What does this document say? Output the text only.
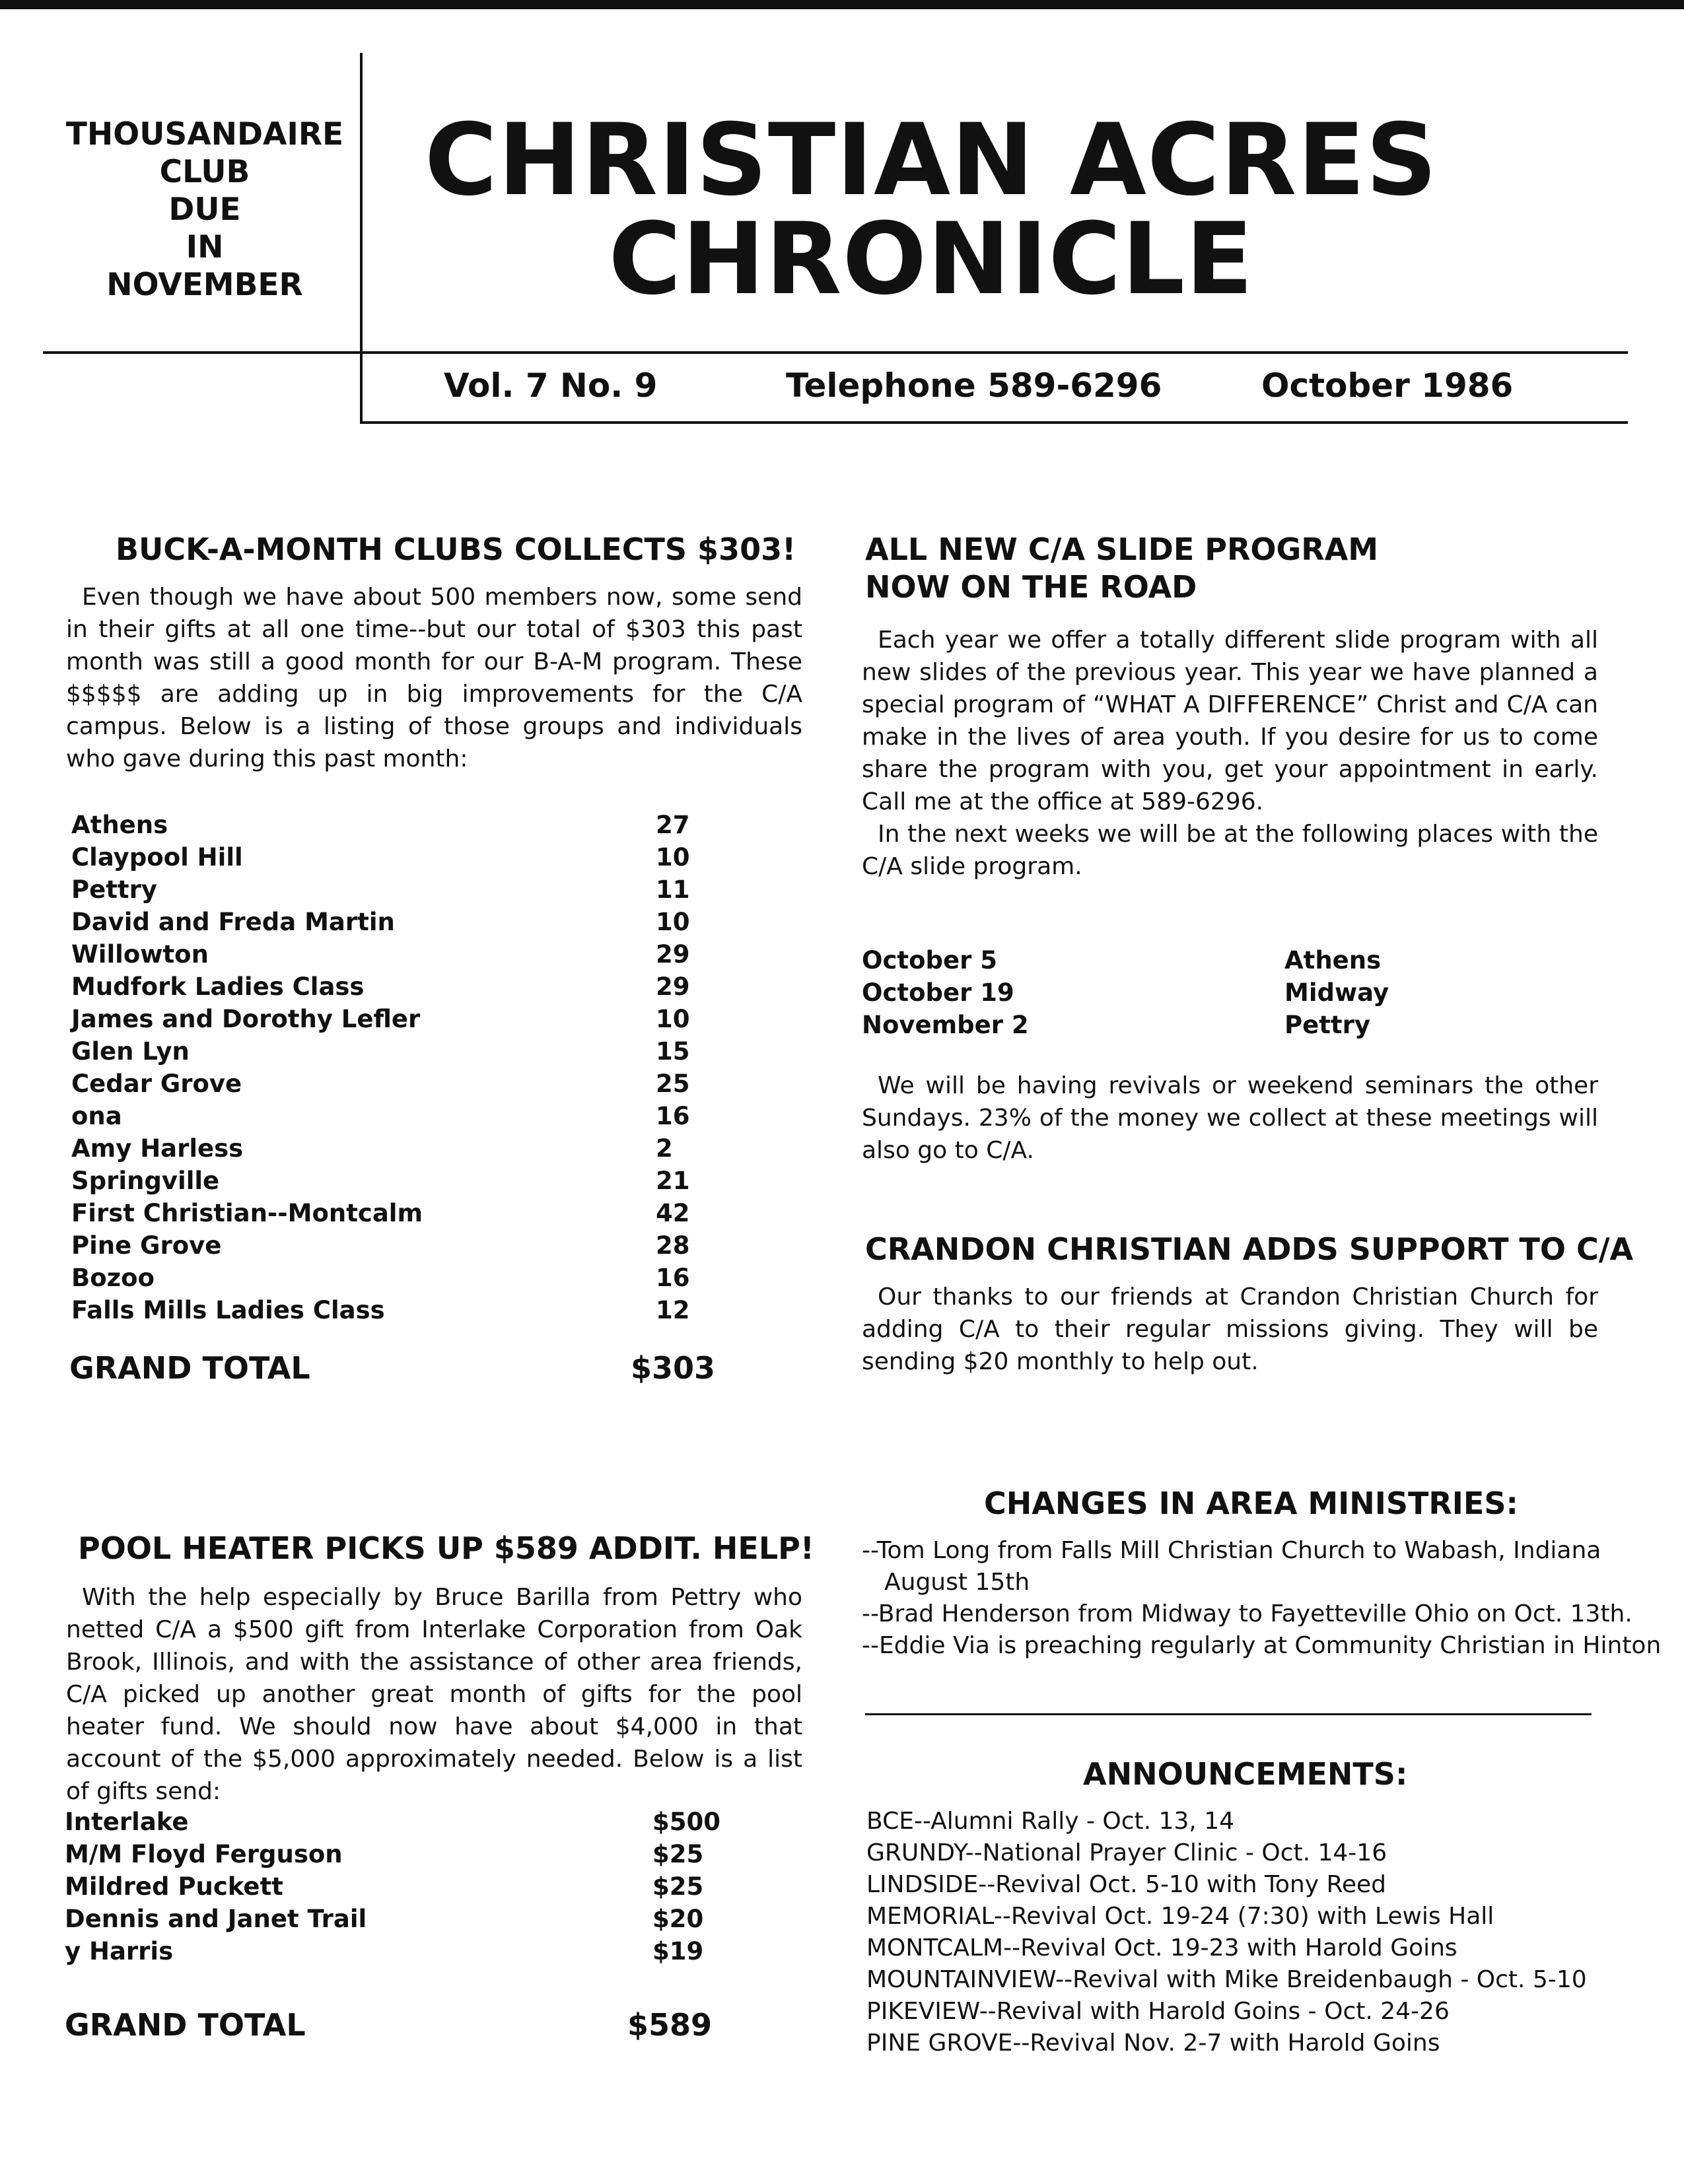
THOUSANDAIRE
CLUB
DUE
IN
NOVEMBER
CHRISTIAN ACRES
CHRONICLE
Vol. 7 No. 9	Telephone 589-6296	October 1986
BUCK-A-MONTH CLUBS COLLECTS $303!

Even though we have about 500 members now, some send in their gifts at all one time--but our total of $303 this past month was still a good month for our B-A-M program. These $$$$$ are adding up in big improvements for the C/A campus. Below is a listing of those groups and individuals who gave during this past month:

Athens	27
Claypool Hill	10
Pettry	11
David and Freda Martin	10
Willowton	29
Mudfork Ladies Class	29
James and Dorothy Lefler	10
Glen Lyn	15
Cedar Grove	25
ona	16
Amy Harless	2
Springville	21
First Christian--Montcalm	42
Pine Grove	28
Bozoo	16
Falls Mills Ladies Class	12
GRAND TOTAL	$303
POOL HEATER PICKS UP $589 ADDIT. HELP!

With the help especially by Bruce Barilla from Pettry who netted C/A a $500 gift from Interlake Corporation from Oak Brook, Illinois, and with the assistance of other area friends, C/A picked up another great month of gifts for the pool heater fund. We should now have about $4,000 in that account of the $5,000 approximately needed. Below is a list of gifts send:

Interlake	$500
M/M Floyd Ferguson	$25
Mildred Puckett	$25
Dennis and Janet Trail	$20
y Harris	$19
GRAND TOTAL	$589
ALL NEW C/A SLIDE PROGRAM
NOW ON THE ROAD

Each year we offer a totally different slide program with all new slides of the previous year. This year we have planned a special program of “WHAT A DIFFERENCE” Christ and C/A can make in the lives of area youth. If you desire for us to come share the program with you, get your appointment in early. Call me at the office at 589-6296.

In the next weeks we will be at the following places with the C/A slide program.

October 5	Athens
October 19	Midway
November 2	Pettry

We will be having revivals or weekend seminars the other Sundays. 23% of the money we collect at these meetings will also go to C/A.

CRANDON CHRISTIAN ADDS SUPPORT TO C/A

Our thanks to our friends at Crandon Christian Church for adding C/A to their regular missions giving. They will be sending $20 monthly to help out.

CHANGES IN AREA MINISTRIES:
--Tom Long from Falls Mill Christian Church to Wabash, Indiana
August 15th
--Brad Henderson from Midway to Fayetteville Ohio on Oct. 13th.
--Eddie Via is preaching regularly at Community Christian in Hinton
ANNOUNCEMENTS:
BCE--Alumni Rally - Oct. 13, 14
GRUNDY--National Prayer Clinic - Oct. 14-16
LINDSIDE--Revival Oct. 5-10 with Tony Reed
MEMORIAL--Revival Oct. 19-24 (7:30) with Lewis Hall
MONTCALM--Revival Oct. 19-23 with Harold Goins
MOUNTAINVIEW--Revival with Mike Breidenbaugh - Oct. 5-10
PIKEVIEW--Revival with Harold Goins - Oct. 24-26
PINE GROVE--Revival Nov. 2-7 with Harold Goins
